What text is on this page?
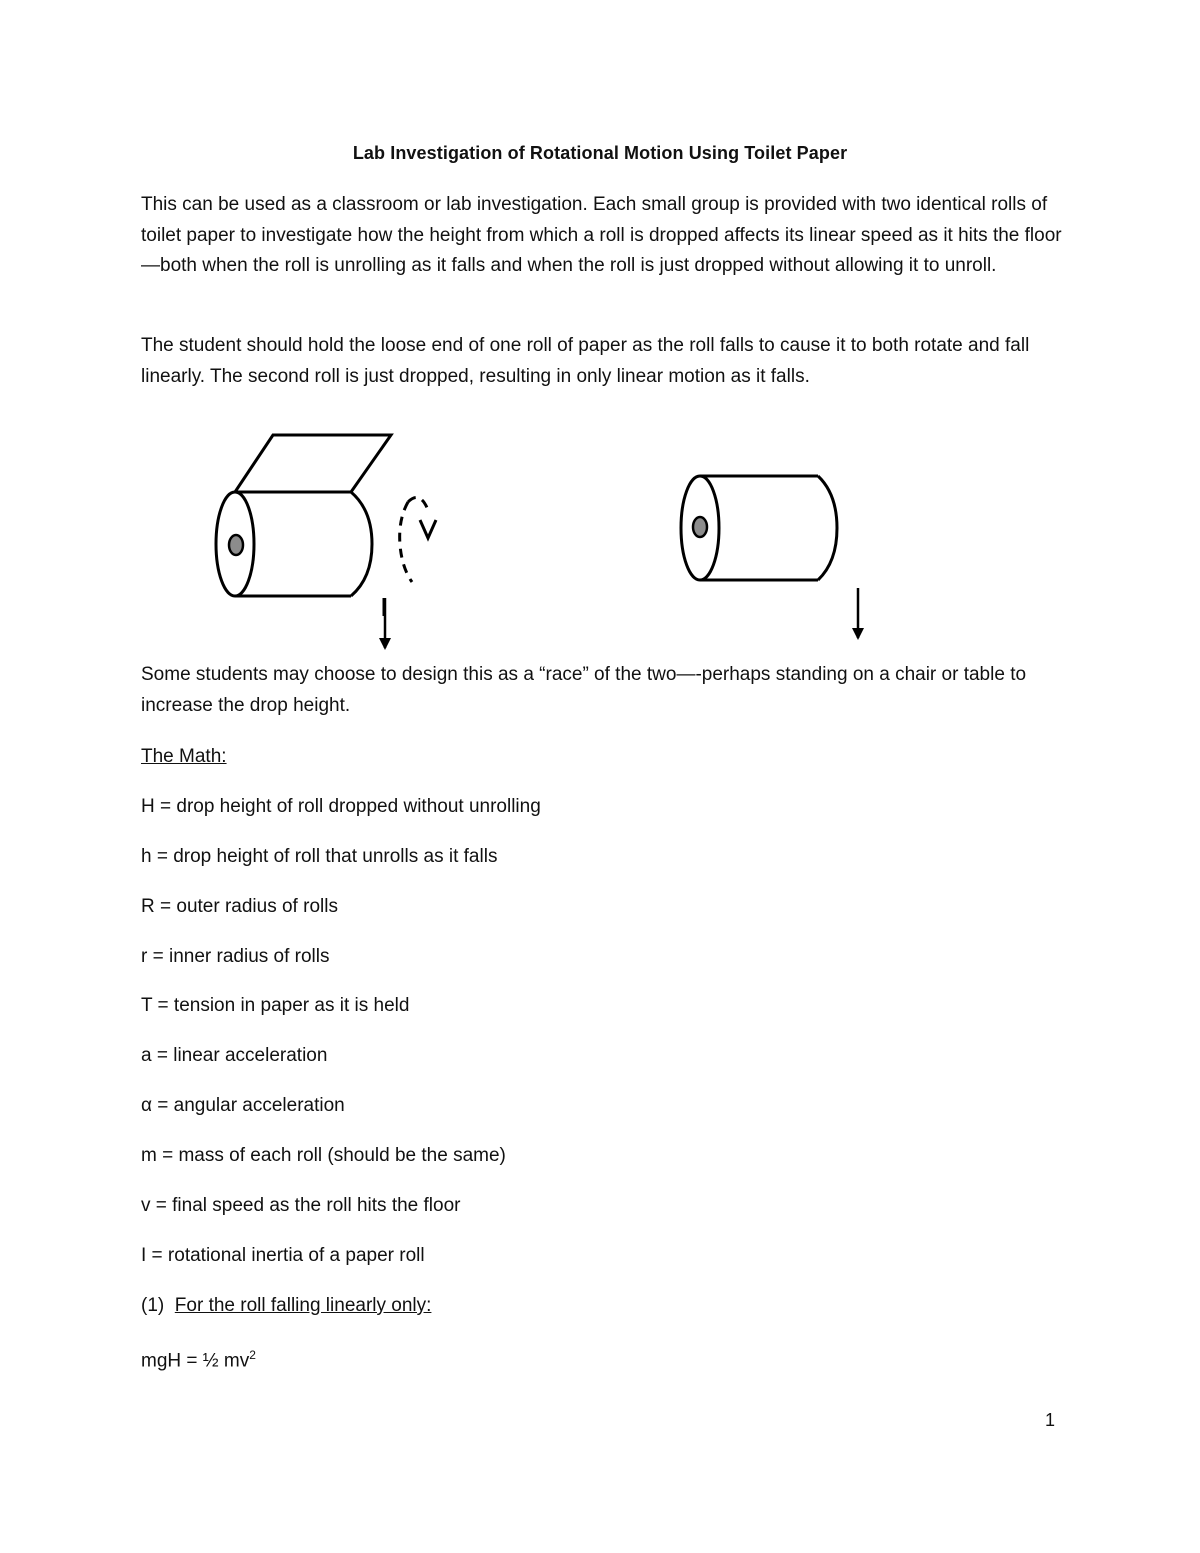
Lab Investigation of Rotational Motion Using Toilet Paper
This can be used as a classroom or lab investigation. Each small group is provided with two identical rolls of toilet paper to investigate how the height from which a roll is dropped affects its linear speed as it hits the floor—both when the roll is unrolling as it falls and when the roll is just dropped without allowing it to unroll.
The student should hold the loose end of one roll of paper as the roll falls to cause it to both rotate and fall linearly. The second roll is just dropped, resulting in only linear motion as it falls.
Some students may choose to design this as a “race” of the two—-perhaps standing on a chair or table to increase the drop height.
The Math:
H = drop height of roll dropped without unrolling
h = drop height of roll that unrolls as it falls
R = outer radius of rolls
r = inner radius of rolls
T = tension in paper as it is held
a = linear acceleration
α = angular acceleration
m = mass of each roll (should be the same)
v = final speed as the roll hits the floor
I = rotational inertia of a paper roll
(1) For the roll falling linearly only:
mgH = ½ $mv^2$
1
